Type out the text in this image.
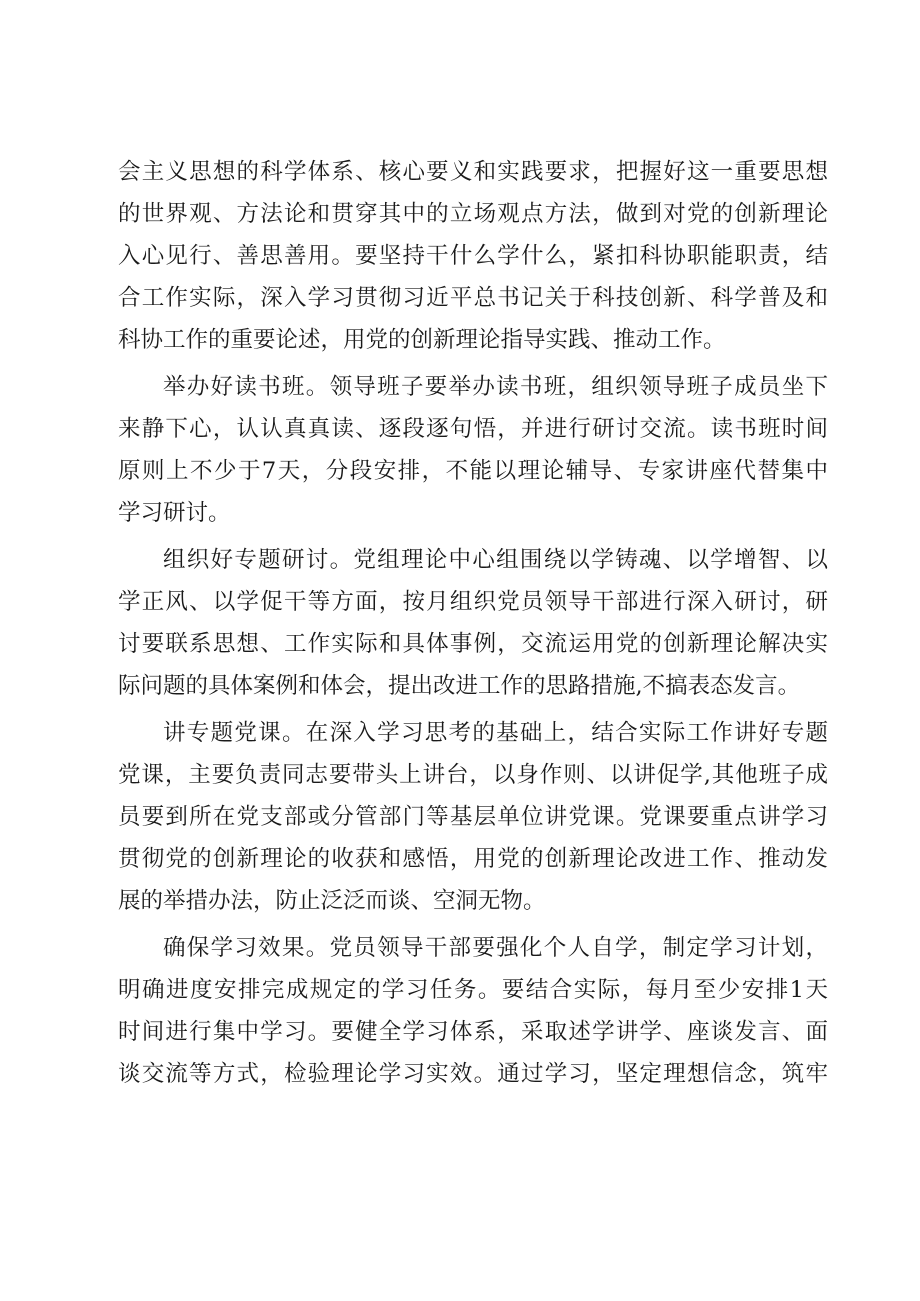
会主义思想的科学体系、核心要义和实践要求，把握好这一重要思想
的世界观、方法论和贯穿其中的立场观点方法，做到对党的创新理论
入心见行、善思善用。要坚持干什么学什么，紧扣科协职能职责，结
合工作实际，深入学习贯彻习近平总书记关于科技创新、科学普及和
科协工作的重要论述，用党的创新理论指导实践、推动工作。
举办好读书班。领导班子要举办读书班，组织领导班子成员坐下
来静下心，认认真真读、逐段逐句悟，并进行研讨交流。读书班时间
原则上不少于7天，分段安排，不能以理论辅导、专家讲座代替集中
学习研讨。
组织好专题研讨。党组理论中心组围绕以学铸魂、以学增智、以
学正风、以学促干等方面，按月组织党员领导干部进行深入研讨，研
讨要联系思想、工作实际和具体事例，交流运用党的创新理论解决实
际问题的具体案例和体会，提出改进工作的思路措施,不搞表态发言。
讲专题党课。在深入学习思考的基础上，结合实际工作讲好专题
党课，主要负责同志要带头上讲台，以身作则、以讲促学,其他班子成
员要到所在党支部或分管部门等基层单位讲党课。党课要重点讲学习
贯彻党的创新理论的收获和感悟，用党的创新理论改进工作、推动发
展的举措办法，防止泛泛而谈、空洞无物。
确保学习效果。党员领导干部要强化个人自学，制定学习计划，
明确进度安排完成规定的学习任务。要结合实际，每月至少安排1天
时间进行集中学习。要健全学习体系，采取述学讲学、座谈发言、面
谈交流等方式，检验理论学习实效。通过学习，坚定理想信念，筑牢
